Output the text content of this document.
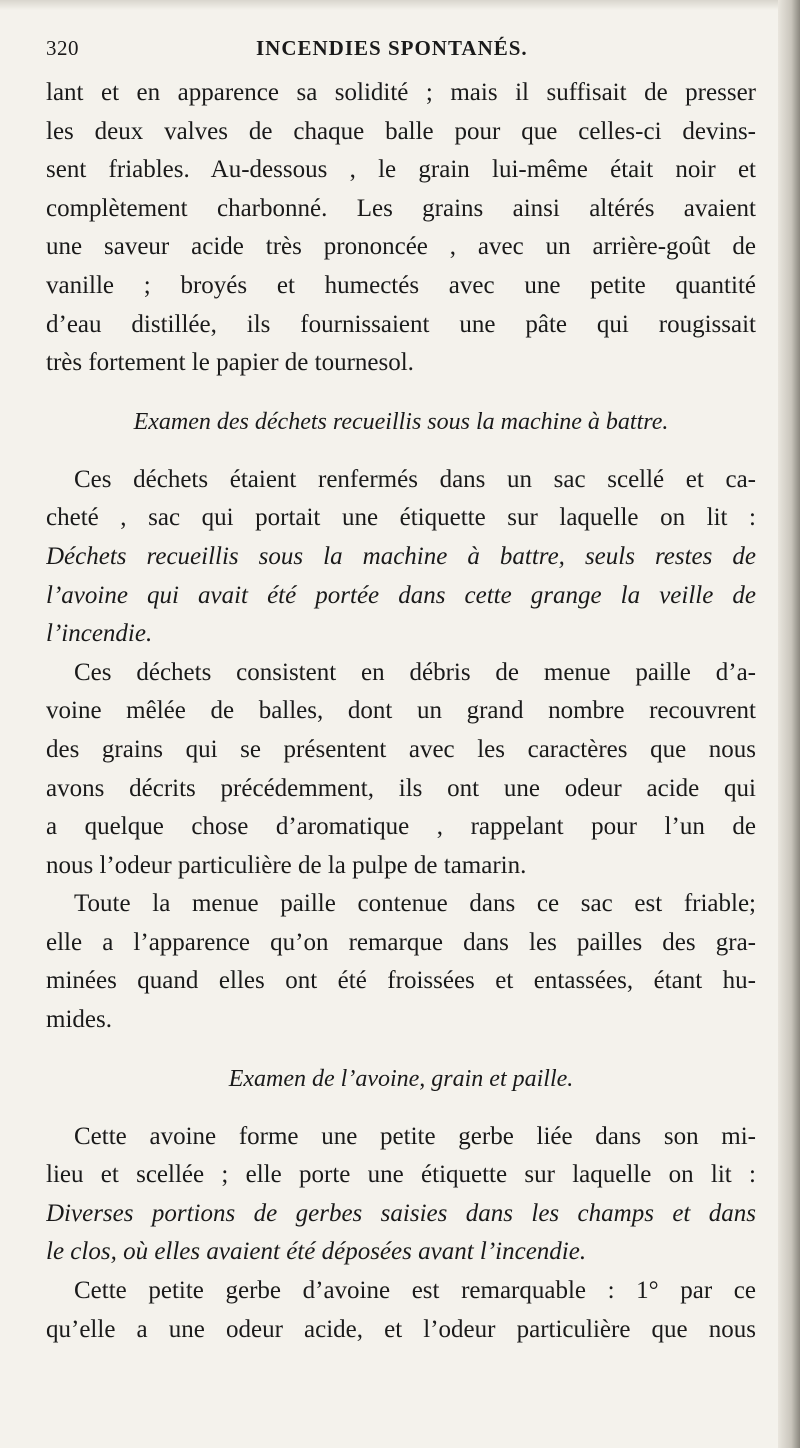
320	INCENDIES SPONTANÉS.
lant et en apparence sa solidité ; mais il suffisait de presser
les deux valves de chaque balle pour que celles-ci devins-
sent friables. Au-dessous , le grain lui-même était noir et
complètement charbonné. Les grains ainsi altérés avaient
une saveur acide très prononcée , avec un arrière-goût de
vanille ; broyés et humectés avec une petite quantité
d’eau distillée, ils fournissaient une pâte qui rougissait
très fortement le papier de tournesol.
Examen des déchets recueillis sous la machine à battre.
Ces déchets étaient renfermés dans un sac scellé et ca-
cheté , sac qui portait une étiquette sur laquelle on lit :
Déchets recueillis sous la machine à battre, seuls restes de
l’avoine qui avait été portée dans cette grange la veille de
l’incendie.
Ces déchets consistent en débris de menue paille d’a-
voine mêlée de balles, dont un grand nombre recouvrent
des grains qui se présentent avec les caractères que nous
avons décrits précédemment, ils ont une odeur acide qui
a quelque chose d’aromatique , rappelant pour l’un de
nous l’odeur particulière de la pulpe de tamarin.
Toute la menue paille contenue dans ce sac est friable;
elle a l’apparence qu’on remarque dans les pailles des gra-
minées quand elles ont été froissées et entassées, étant hu-
mides.
Examen de l’avoine, grain et paille.
Cette avoine forme une petite gerbe liée dans son mi-
lieu et scellée ; elle porte une étiquette sur laquelle on lit :
Diverses portions de gerbes saisies dans les champs et dans
le clos, où elles avaient été déposées avant l’incendie.
Cette petite gerbe d’avoine est remarquable : 1° par ce
qu’elle a une odeur acide, et l’odeur particulière que nous
